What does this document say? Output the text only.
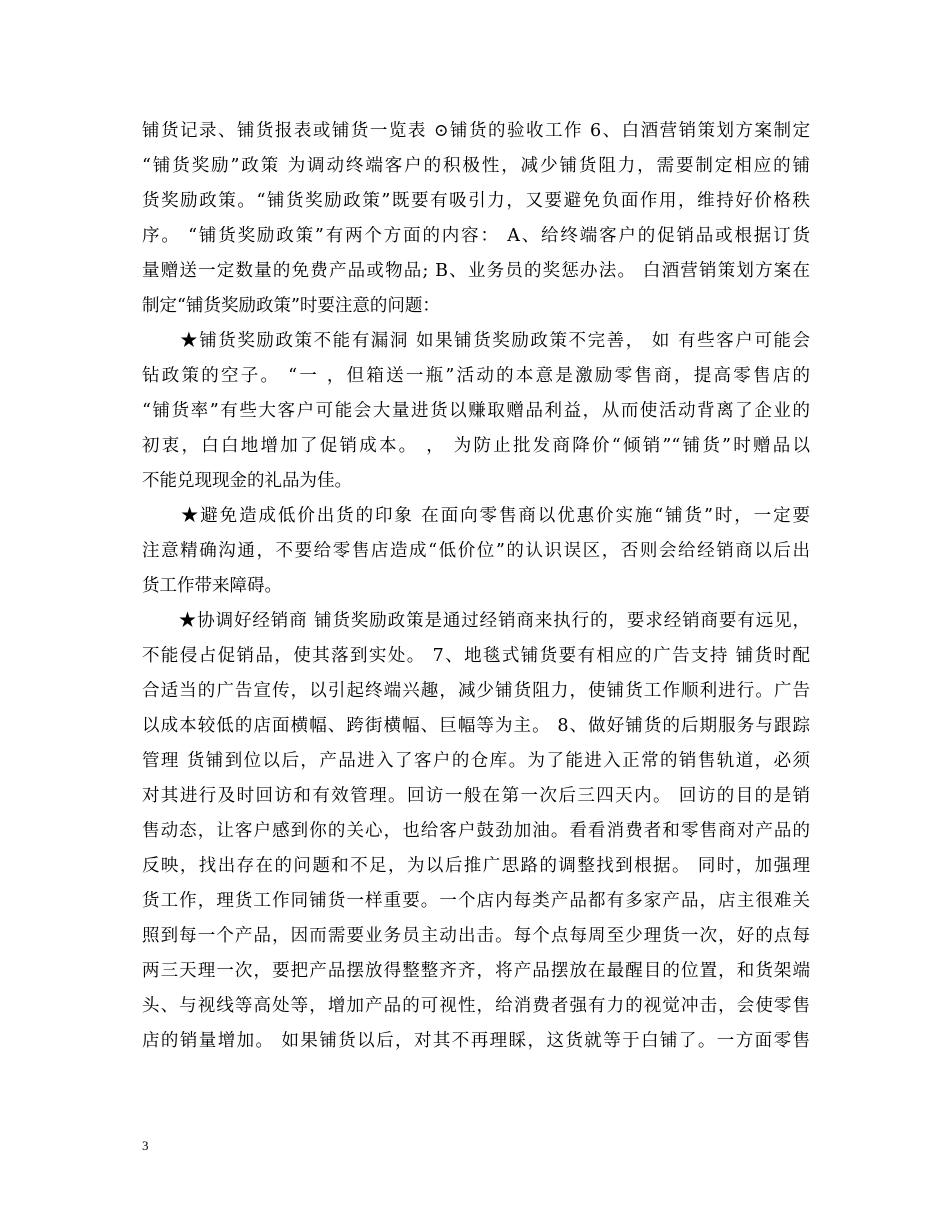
铺货记录、铺货报表或铺货一览表 ⊙铺货的验收工作 6、白酒营销策划方案制定
“铺货奖励”政策 为调动终端客户的积极性，减少铺货阻力，需要制定相应的铺
货奖励政策。“铺货奖励政策”既要有吸引力，又要避免负面作用，维持好价格秩
序。 “铺货奖励政策”有两个方面的内容： A、给终端客户的促销品或根据订货
量赠送一定数量的免费产品或物品; B、业务员的奖惩办法。 白酒营销策划方案在
制定“铺货奖励政策”时要注意的问题：
　　★铺货奖励政策不能有漏洞 如果铺货奖励政策不完善， 如 有些客户可能会
钻政策的空子。 “一 ，但箱送一瓶”活动的本意是激励零售商，提高零售店的
“铺货率”有些大客户可能会大量进货以赚取赠品利益，从而使活动背离了企业的
初衷，白白地增加了促销成本。 ， 为防止批发商降价“倾销”“铺货”时赠品以
不能兑现现金的礼品为佳。
　　★避免造成低价出货的印象 在面向零售商以优惠价实施“铺货”时，一定要
注意精确沟通，不要给零售店造成“低价位”的认识误区，否则会给经销商以后出
货工作带来障碍。
　　★协调好经销商 铺货奖励政策是通过经销商来执行的，要求经销商要有远见，
不能侵占促销品，使其落到实处。 7、地毯式铺货要有相应的广告支持 铺货时配
合适当的广告宣传，以引起终端兴趣，减少铺货阻力，使铺货工作顺利进行。广告
以成本较低的店面横幅、跨街横幅、巨幅等为主。 8、做好铺货的后期服务与跟踪
管理 货铺到位以后，产品进入了客户的仓库。为了能进入正常的销售轨道，必须
对其进行及时回访和有效管理。回访一般在第一次后三四天内。 回访的目的是销
售动态，让客户感到你的关心，也给客户鼓劲加油。看看消费者和零售商对产品的
反映，找出存在的问题和不足，为以后推广思路的调整找到根据。 同时，加强理
货工作，理货工作同铺货一样重要。一个店内每类产品都有多家产品，店主很难关
照到每一个产品，因而需要业务员主动出击。每个点每周至少理货一次，好的点每
两三天理一次，要把产品摆放得整整齐齐，将产品摆放在最醒目的位置，和货架端
头、与视线等高处等，增加产品的可视性，给消费者强有力的视觉冲击，会使零售
店的销量增加。 如果铺货以后，对其不再理睬，这货就等于白铺了。一方面零售
3
